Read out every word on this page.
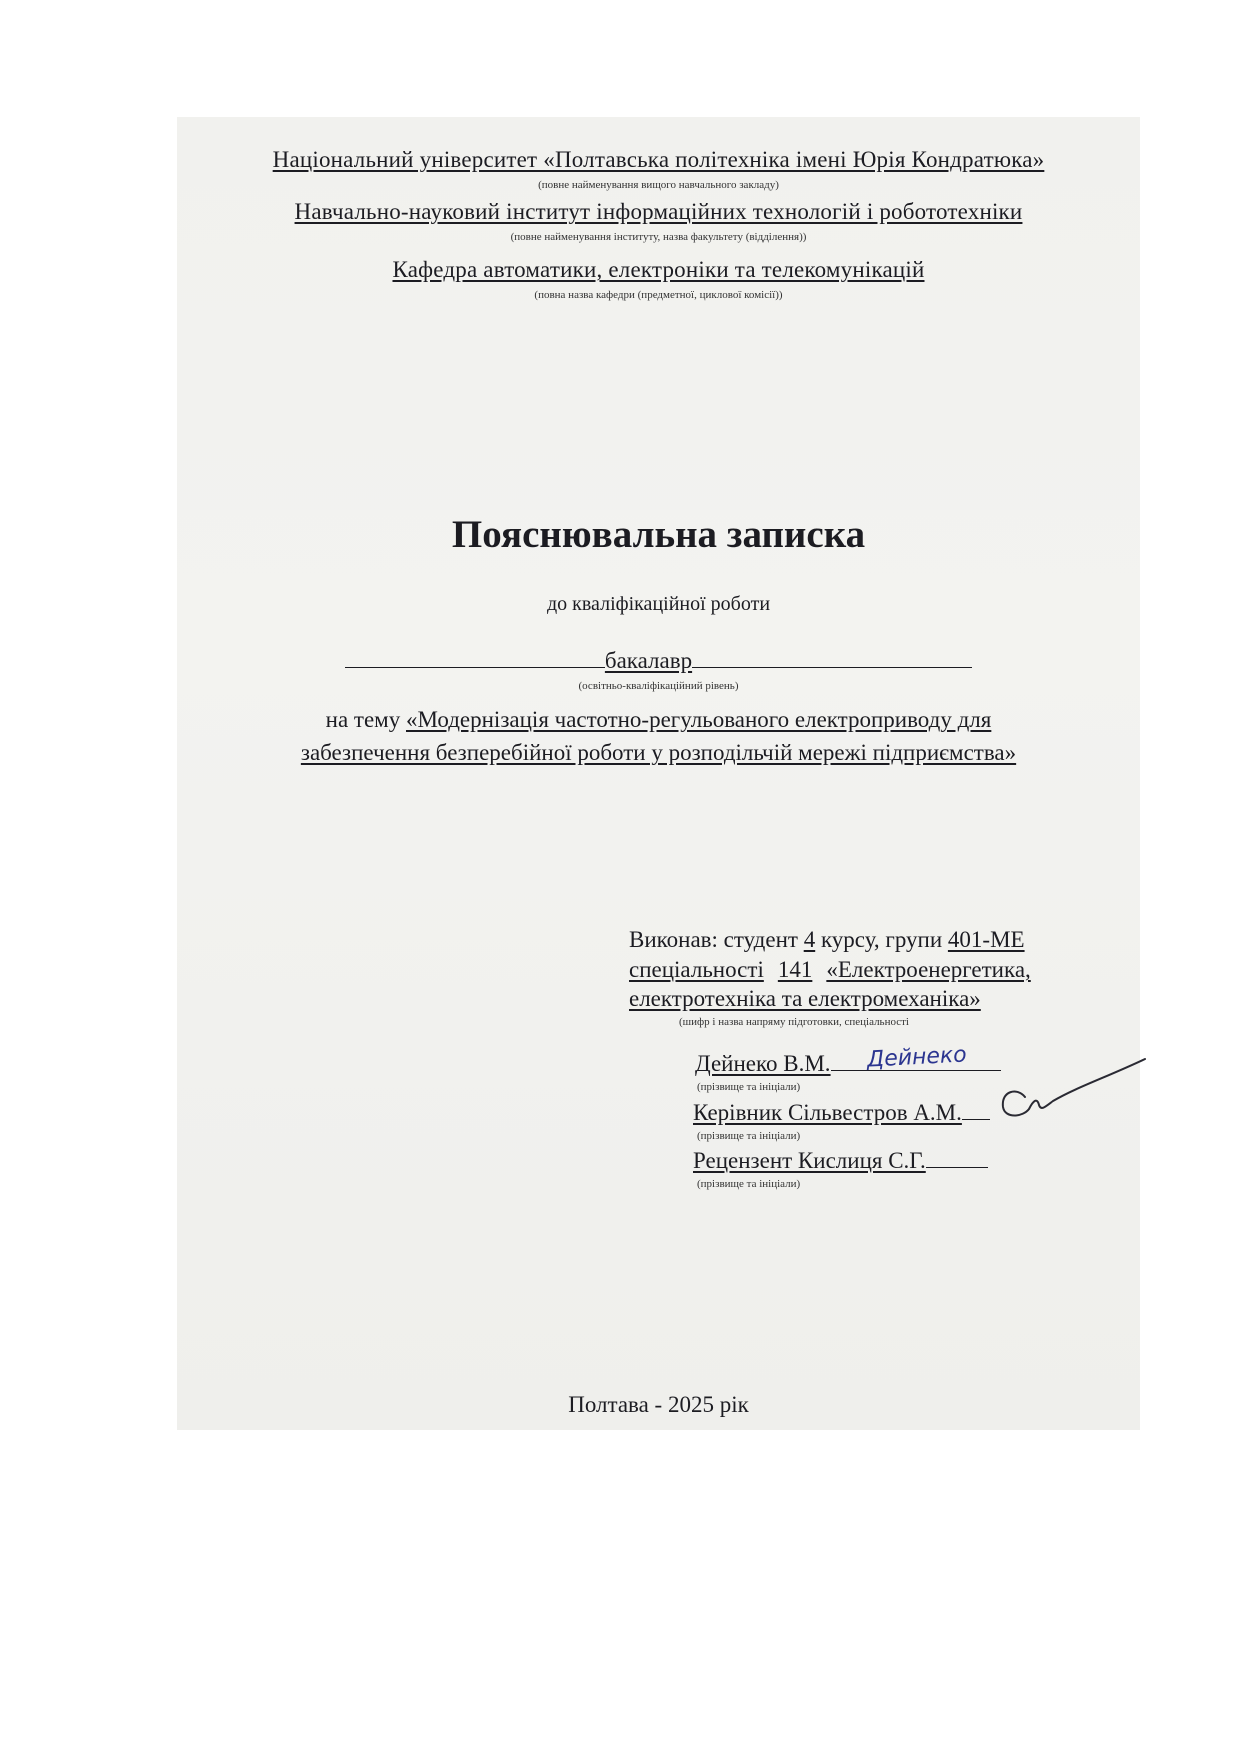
Національний університет «Полтавська політехніка імені Юрія Кондратюка»
(повне найменування вищого навчального закладу)
Навчально-науковий інститут інформаційних технологій і робототехніки
(повне найменування інституту, назва факультету (відділення))
Кафедра автоматики, електроніки та телекомунікацій
(повна назва кафедри (предметної, циклової комісії))
Пояснювальна записка
до кваліфікаційної роботи
бакалавр
(освітньо-кваліфікаційний рівень)
на тему «Модернізація частотно-регульованого електроприводу для
забезпечення безперебійної роботи у розподільчій мережі підприємства»
Виконав: студент 4 курсу, групи 401-МЕ
спеціальності 141 «Електроенергетика,
електротехніка та електромеханіка»
(шифр і назва напряму підготовки, спеціальності
Дейнеко В.М.	Дейнеко
(прізвище та ініціали)
Керівник Сільвестров А.М.
(прізвище та ініціали)
Рецензент Кислиця С.Г.
(прізвище та ініціали)
Полтава - 2025 рік
